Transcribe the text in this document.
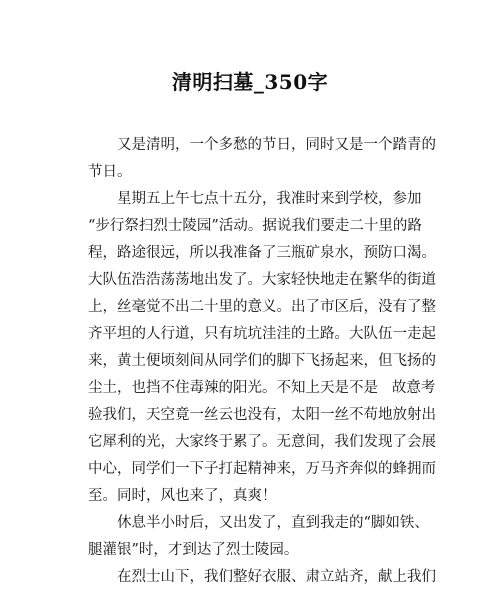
清明扫墓_350字
又是清明，一个多愁的节日，同时又是一个踏青的
节日。
星期五上午七点十五分，我准时来到学校，参加
“步行祭扫烈士陵园”活动。据说我们要走二十里的路
程，路途很远，所以我准备了三瓶矿泉水，预防口渴。
大队伍浩浩荡荡地出发了。大家轻快地走在繁华的街道
上，丝毫觉不出二十里的意义。出了市区后，没有了整
齐平坦的人行道，只有坑坑洼洼的土路。大队伍一走起
来，黄土便顷刻间从同学们的脚下飞扬起来，但飞扬的
尘土，也挡不住毒辣的阳光。不知上天是不是   故意考
验我们，天空竟一丝云也没有，太阳一丝不苟地放射出
它犀利的光，大家终于累了。无意间，我们发现了会展
中心，同学们一下子打起精神来，万马齐奔似的蜂拥而
至。同时，风也来了，真爽！
休息半小时后，又出发了，直到我走的“脚如铁、
腿灌银”时，才到达了烈士陵园。
在烈士山下，我们整好衣服、肃立站齐，献上我们
